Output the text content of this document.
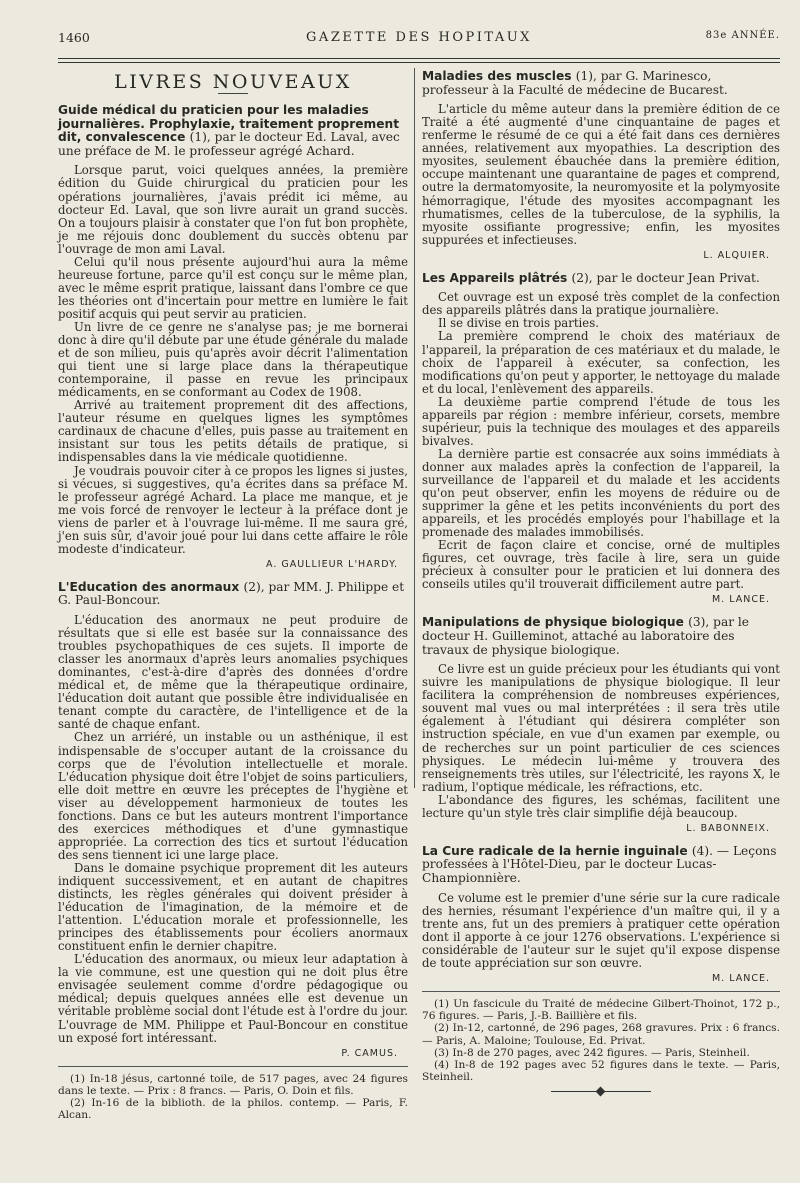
1460	GAZETTE DES HOPITAUX	83e ANNÉE.
LIVRES NOUVEAUX
Guide médical du praticien pour les maladies journalières. Prophylaxie, traitement proprement dit, convalescence (1), par le docteur Ed. Laval, avec une préface de M. le professeur agrégé Achard.

Lorsque parut, voici quelques années, la première édition du Guide chirurgical du praticien pour les opérations journalières, j'avais prédit ici même, au docteur Ed. Laval, que son livre aurait un grand succès. On a toujours plaisir à constater que l'on fut bon prophète, je me réjouis donc doublement du succès obtenu par l'ouvrage de mon ami Laval.

Celui qu'il nous présente aujourd'hui aura la même heureuse fortune, parce qu'il est conçu sur le même plan, avec le même esprit pratique, laissant dans l'ombre ce que les théories ont d'incertain pour mettre en lumière le fait positif acquis qui peut servir au praticien.

Un livre de ce genre ne s'analyse pas; je me bornerai donc à dire qu'il débute par une étude générale du malade et de son milieu, puis qu'après avoir décrit l'alimentation qui tient une si large place dans la thérapeutique contemporaine, il passe en revue les principaux médicaments, en se conformant au Codex de 1908.

Arrivé au traitement proprement dit des affections, l'auteur résume en quelques lignes les symptômes cardinaux de chacune d'elles, puis passe au traitement en insistant sur tous les petits détails de pratique, si indispensables dans la vie médicale quotidienne.

Je voudrais pouvoir citer à ce propos les lignes si justes, si vécues, si suggestives, qu'a écrites dans sa préface M. le professeur agrégé Achard. La place me manque, et je me vois forcé de renvoyer le lecteur à la préface dont je viens de parler et à l'ouvrage lui-même. Il me saura gré, j'en suis sûr, d'avoir joué pour lui dans cette affaire le rôle modeste d'indicateur.

A. GAULLIEUR L'HARDY.
L'Education des anormaux (2), par MM. J. Philippe et G. Paul-Boncour.

L'éducation des anormaux ne peut produire de résultats que si elle est basée sur la connaissance des troubles psychopathiques de ces sujets. Il importe de classer les anormaux d'après leurs anomalies psychiques dominantes, c'est-à-dire d'après des données d'ordre médical et, de même que la thérapeutique ordinaire, l'éducation doit autant que possible être individualisée en tenant compte du caractère, de l'intelligence et de la santé de chaque enfant.

Chez un arriéré, un instable ou un asthénique, il est indispensable de s'occuper autant de la croissance du corps que de l'évolution intellectuelle et morale. L'éducation physique doit être l'objet de soins particuliers, elle doit mettre en œuvre les préceptes de l'hygiène et viser au développement harmonieux de toutes les fonctions. Dans ce but les auteurs montrent l'importance des exercices méthodiques et d'une gymnastique appropriée. La correction des tics et surtout l'éducation des sens tiennent ici une large place.

Dans le domaine psychique proprement dit les auteurs indiquent successivement, et en autant de chapitres distincts, les règles générales qui doivent présider à l'éducation de l'imagination, de la mémoire et de l'attention. L'éducation morale et professionnelle, les principes des établissements pour écoliers anormaux constituent enfin le dernier chapitre.

L'éducation des anormaux, ou mieux leur adaptation à la vie commune, est une question qui ne doit plus être envisagée seulement comme d'ordre pédagogique ou médical; depuis quelques années elle est devenue un véritable problème social dont l'étude est à l'ordre du jour. L'ouvrage de MM. Philippe et Paul-Boncour en constitue un exposé fort intéressant.

P. CAMUS.

(1) In-18 jésus, cartonné toile, de 517 pages, avec 24 figures dans le texte. — Prix : 8 francs. — Paris, O. Doin et fils.

(2) In-16 de la biblioth. de la philos. contemp. — Paris, F. Alcan.

Maladies des muscles (1), par G. Marinesco, professeur à la Faculté de médecine de Bucarest.

L'article du même auteur dans la première édition de ce Traité a été augmenté d'une cinquantaine de pages et renferme le résumé de ce qui a été fait dans ces dernières années, relativement aux myopathies. La description des myosites, seulement ébauchée dans la première édition, occupe maintenant une quarantaine de pages et comprend, outre la dermatomyosite, la neuromyosite et la polymyosite hémorragique, l'étude des myosites accompagnant les rhumatismes, celles de la tuberculose, de la syphilis, la myosite ossifiante progressive; enfin, les myosites suppurées et infectieuses.

L. ALQUIER.
Les Appareils plâtrés (2), par le docteur Jean Privat.

Cet ouvrage est un exposé très complet de la confection des appareils plâtrés dans la pratique journalière.

Il se divise en trois parties.

La première comprend le choix des matériaux de l'appareil, la préparation de ces matériaux et du malade, le choix de l'appareil à exécuter, sa confection, les modifications qu'on peut y apporter, le nettoyage du malade et du local, l'enlèvement des appareils.

La deuxième partie comprend l'étude de tous les appareils par région : membre inférieur, corsets, membre supérieur, puis la technique des moulages et des appareils bivalves.

La dernière partie est consacrée aux soins immédiats à donner aux malades après la confection de l'appareil, la surveillance de l'appareil et du malade et les accidents qu'on peut observer, enfin les moyens de réduire ou de supprimer la gêne et les petits inconvénients du port des appareils, et les procédés employés pour l'habillage et la promenade des malades immobilisés.

Ecrit de façon claire et concise, orné de multiples figures, cet ouvrage, très facile à lire, sera un guide précieux à consulter pour le praticien et lui donnera des conseils utiles qu'il trouverait difficilement autre part.

M. LANCE.
Manipulations de physique biologique (3), par le docteur H. Guilleminot, attaché au laboratoire des travaux de physique biologique.

Ce livre est un guide précieux pour les étudiants qui vont suivre les manipulations de physique biologique. Il leur facilitera la compréhension de nombreuses expériences, souvent mal vues ou mal interprétées : il sera très utile également à l'étudiant qui désirera compléter son instruction spéciale, en vue d'un examen par exemple, ou de recherches sur un point particulier de ces sciences physiques. Le médecin lui-même y trouvera des renseignements très utiles, sur l'électricité, les rayons X, le radium, l'optique médicale, les réfractions, etc.

L'abondance des figures, les schémas, facilitent une lecture qu'un style très clair simplifie déjà beaucoup.

L. BABONNEIX.
La Cure radicale de la hernie inguinale (4). — Leçons professées à l'Hôtel-Dieu, par le docteur Lucas-Championnière.

Ce volume est le premier d'une série sur la cure radicale des hernies, résumant l'expérience d'un maître qui, il y a trente ans, fut un des premiers à pratiquer cette opération dont il apporte à ce jour 1276 observations. L'expérience si considérable de l'auteur sur le sujet qu'il expose dispense de toute appréciation sur son œuvre.

M. LANCE.

(1) Un fascicule du Traité de médecine Gilbert-Thoinot, 172 p., 76 figures. — Paris, J.-B. Baillière et fils.

(2) In-12, cartonné, de 296 pages, 268 gravures. Prix : 6 francs. — Paris, A. Maloine; Toulouse, Ed. Privat.

(3) In-8 de 270 pages, avec 242 figures. — Paris, Steinheil.

(4) In-8 de 192 pages avec 52 figures dans le texte. — Paris, Steinheil.
